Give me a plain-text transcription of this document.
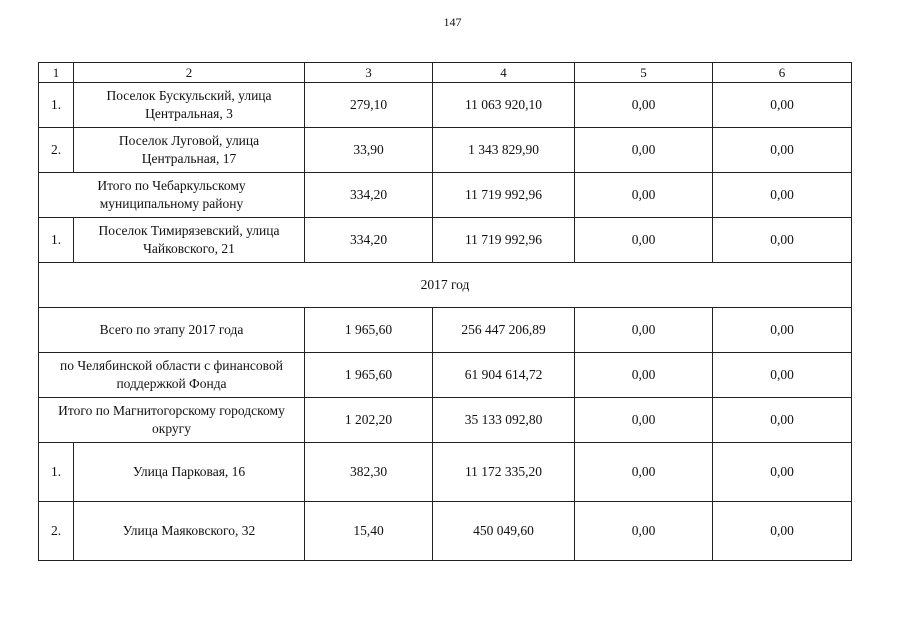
147
1	2	3	4	5	6
1.	Поселок Бускульский, улица
Центральная, 3	279,10	11 063 920,10	0,00	0,00
2.	Поселок Луговой, улица
Центральная, 17	33,90	1 343 829,90	0,00	0,00

Итого по Чебаркульскому
муниципальному району		334,20	11 719 992,96	0,00	0,00
1.	Поселок Тимирязевский, улица
Чайковского, 21	334,20	11 719 992,96	0,00	0,00
2017 год					

Всего по этапу 2017 года		1 965,60	256 447 206,89	0,00	0,00

по Челябинской области с финансовой
поддержкой Фонда		1 965,60	61 904 614,72	0,00	0,00

Итого по Магнитогорскому городскому
округу		1 202,20	35 133 092,80	0,00	0,00
1.	Улица Парковая, 16	382,30	11 172 335,20	0,00	0,00
2.	Улица Маяковского, 32	15,40	450 049,60	0,00	0,00
